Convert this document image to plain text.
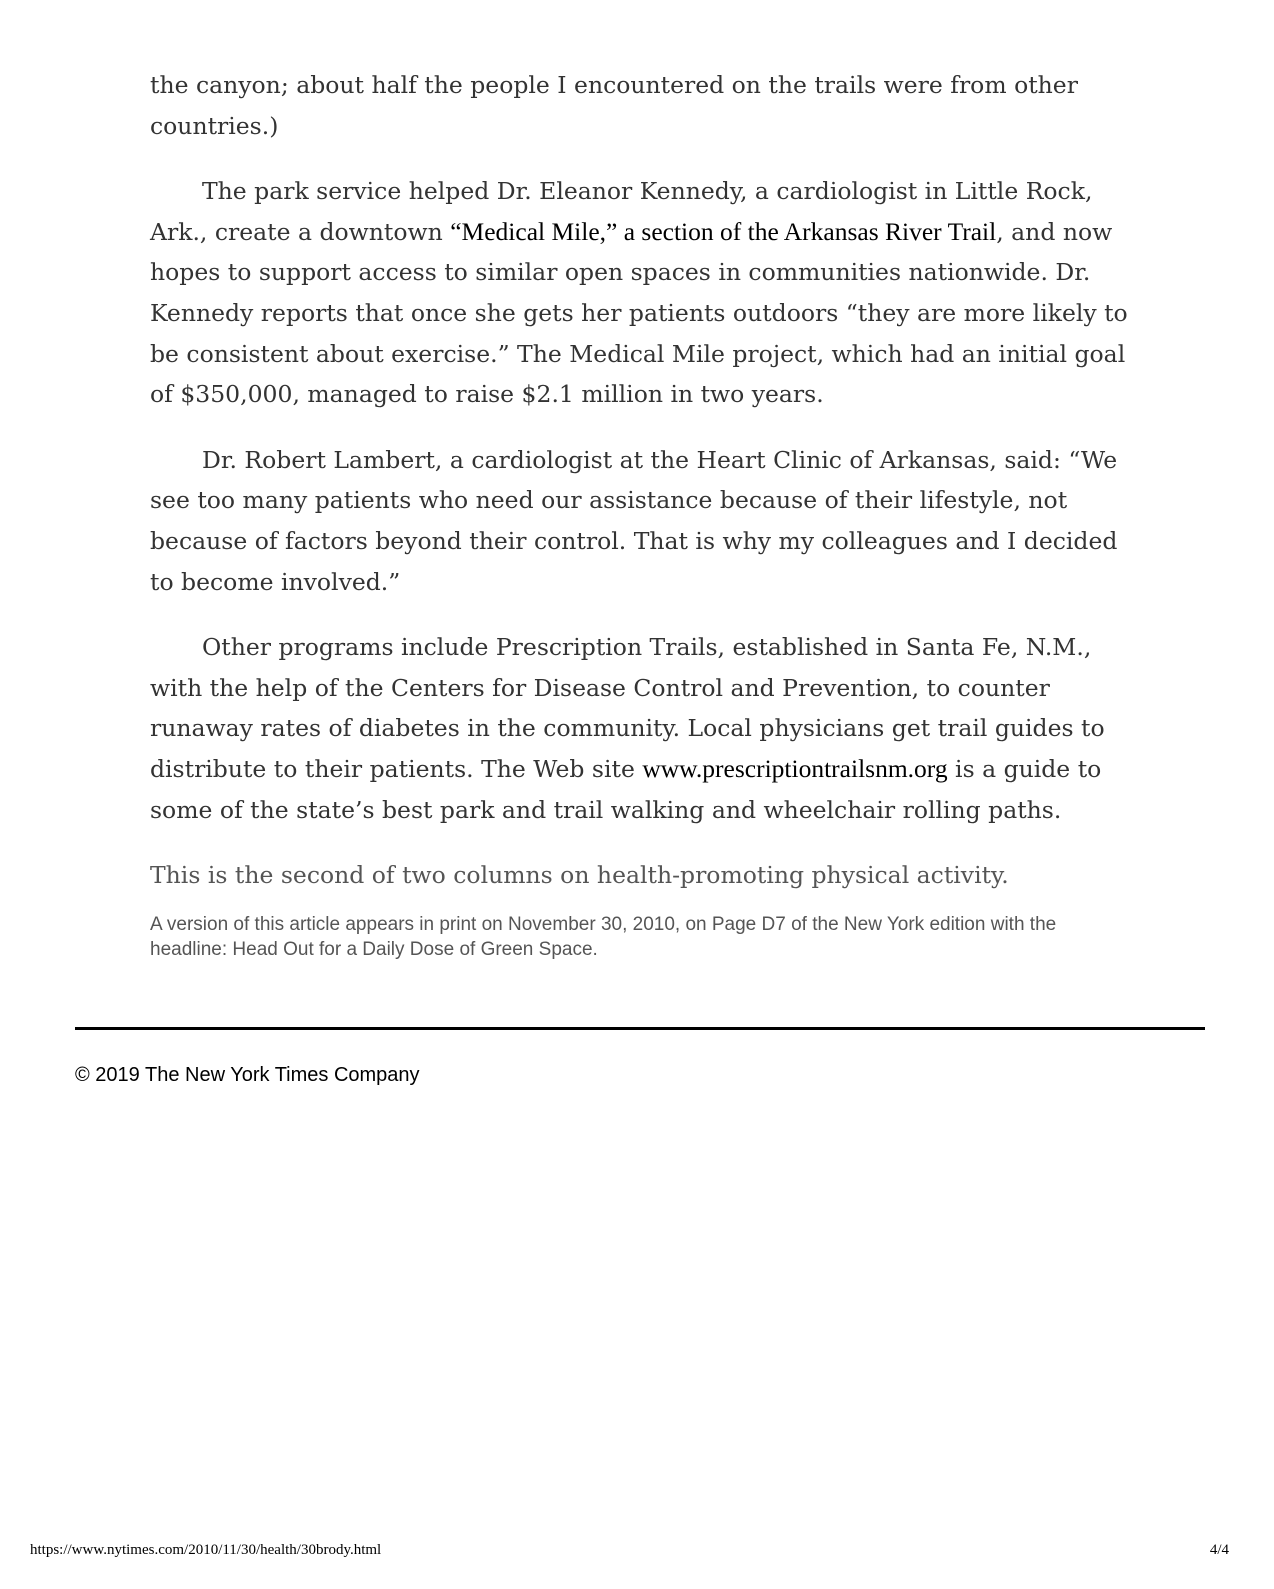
the canyon; about half the people I encountered on the trails were from other countries.)

The park service helped Dr. Eleanor Kennedy, a cardiologist in Little Rock, Ark., create a downtown “Medical Mile,” a section of the Arkansas River Trail, and now hopes to support access to similar open spaces in communities nationwide. Dr. Kennedy reports that once she gets her patients outdoors “they are more likely to be consistent about exercise.” The Medical Mile project, which had an initial goal of $350,000, managed to raise $2.1 million in two years.

Dr. Robert Lambert, a cardiologist at the Heart Clinic of Arkansas, said: “We see too many patients who need our assistance because of their lifestyle, not because of factors beyond their control. That is why my colleagues and I decided to become involved.”

Other programs include Prescription Trails, established in Santa Fe, N.M., with the help of the Centers for Disease Control and Prevention, to counter runaway rates of diabetes in the community. Local physicians get trail guides to distribute to their patients. The Web site www.prescriptiontrailsnm.org is a guide to some of the state’s best park and trail walking and wheelchair rolling paths.

This is the second of two columns on health-promoting physical activity.

A version of this article appears in print on November 30, 2010, on Page D7 of the New York edition with the headline: Head Out for a Daily Dose of Green Space.
© 2019 The New York Times Company
https://www.nytimes.com/2010/11/30/health/30brody.html	4/4
